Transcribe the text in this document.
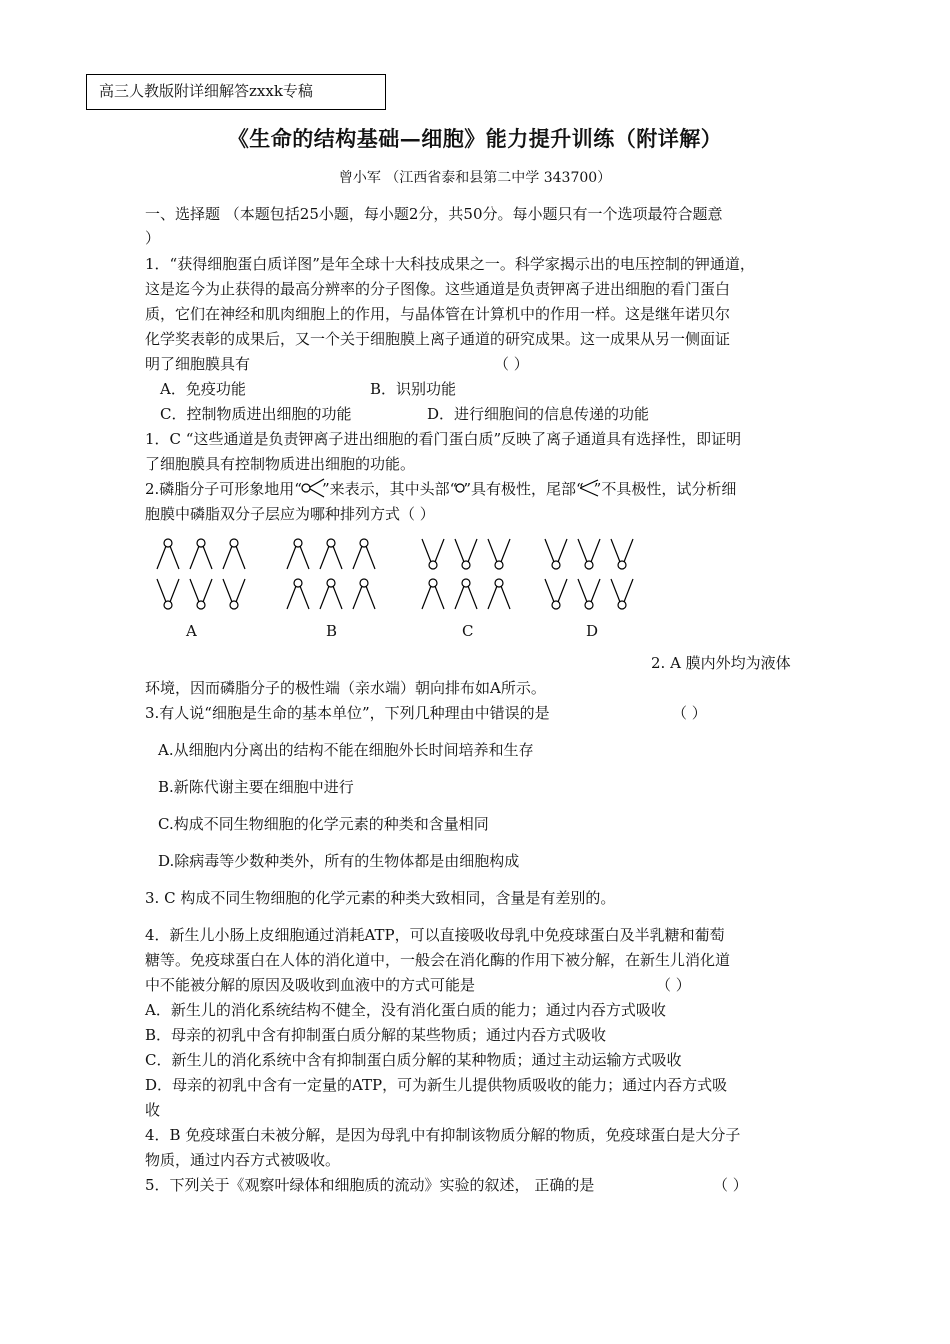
高三人教版附详细解答zxxk专稿
《生命的结构基础—细胞》能力提升训练（附详解）
曾小军 （江西省泰和县第二中学 343700）
一、选择题 （本题包括25小题，每小题2分，共50分。每小题只有一个选项最符合题意
）
1．“获得细胞蛋白质详图”是年全球十大科技成果之一。科学家揭示出的电压控制的钾通道，
这是迄今为止获得的最高分辨率的分子图像。这些通道是负责钾离子进出细胞的看门蛋白
质，它们在神经和肌肉细胞上的作用，与晶体管在计算机中的作用一样。这是继年诺贝尔
化学奖表彰的成果后，又一个关于细胞膜上离子通道的研究成果。这一成果从另一侧面证
明了细胞膜具有	（ ）
A．免疫功能	B．识别功能
C．控制物质进出细胞的功能	D．进行细胞间的信息传递的功能
1．C “这些通道是负责钾离子进出细胞的看门蛋白质”反映了离子通道具有选择性，即证明
了细胞膜具有控制物质进出细胞的功能。
2.磷脂分子可形象地用“ ”来表示，其中头部“ ”具有极性，尾部“ ”不具极性，试分析细
胞膜中磷脂双分子层应为哪种排列方式（ ）
A	B	C	D
2. A 膜内外均为液体
环境，因而磷脂分子的极性端（亲水端）朝向排布如A所示。
3.有人说“细胞是生命的基本单位”，下列几种理由中错误的是	（ ）
A.从细胞内分离出的结构不能在细胞外长时间培养和生存
B.新陈代谢主要在细胞中进行
C.构成不同生物细胞的化学元素的种类和含量相同
D.除病毒等少数种类外，所有的生物体都是由细胞构成
3. C 构成不同生物细胞的化学元素的种类大致相同，含量是有差别的。
4．新生儿小肠上皮细胞通过消耗ATP，可以直接吸收母乳中免疫球蛋白及半乳糖和葡萄
糖等。免疫球蛋白在人体的消化道中，一般会在消化酶的作用下被分解，在新生儿消化道
中不能被分解的原因及吸收到血液中的方式可能是	（ ）
A．新生儿的消化系统结构不健全，没有消化蛋白质的能力；通过内吞方式吸收
B．母亲的初乳中含有抑制蛋白质分解的某些物质；通过内吞方式吸收
C．新生儿的消化系统中含有抑制蛋白质分解的某种物质；通过主动运输方式吸收
D．母亲的初乳中含有一定量的ATP，可为新生儿提供物质吸收的能力；通过内吞方式吸
收
4．B 免疫球蛋白未被分解，是因为母乳中有抑制该物质分解的物质，免疫球蛋白是大分子
物质，通过内吞方式被吸收。
5．下列关于《观察叶绿体和细胞质的流动》实验的叙述， 正确的是	（ ）
